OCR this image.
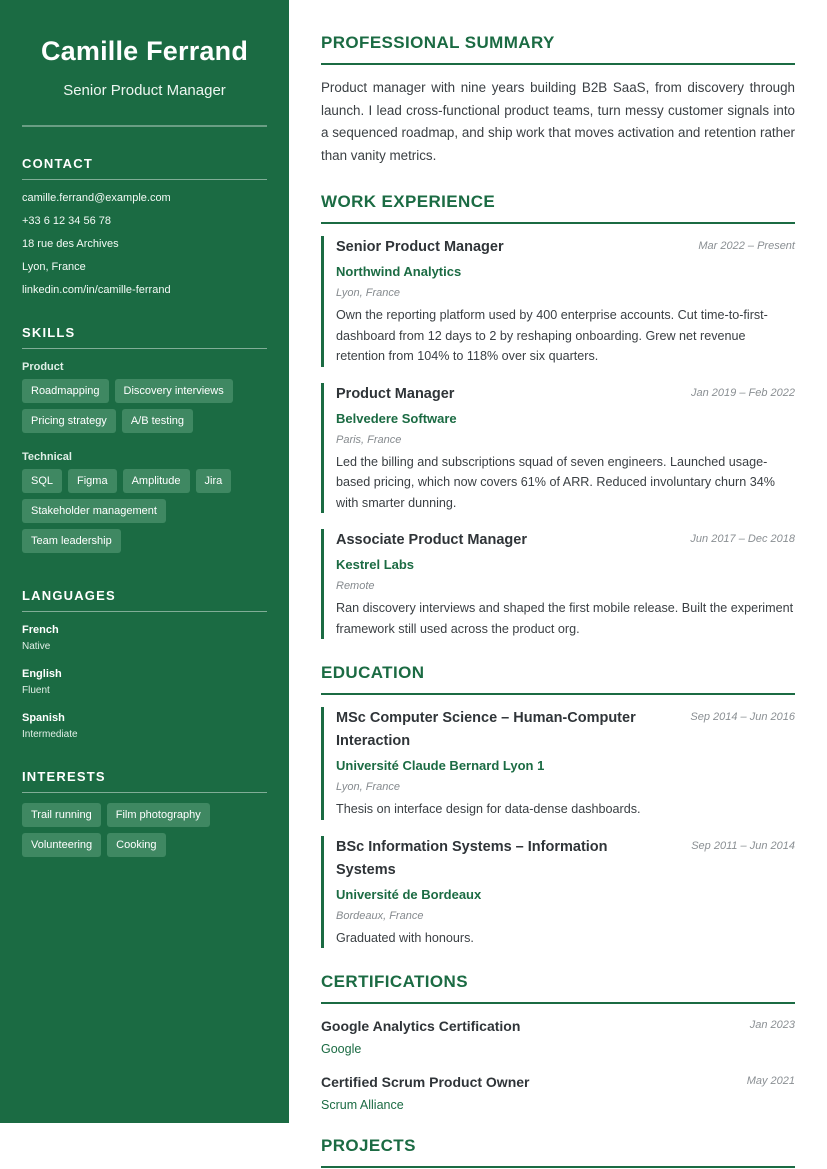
Camille Ferrand
Senior Product Manager
CONTACT
camille.ferrand@example.com
+33 6 12 34 56 78
18 rue des Archives
Lyon, France
linkedin.com/in/camille-ferrand
SKILLS
Product
Roadmapping	Discovery interviews
Pricing strategy	A/B testing
Technical
SQL	Figma	Amplitude	Jira
Stakeholder management
Team leadership
LANGUAGES
French
Native
English
Fluent
Spanish
Intermediate
INTERESTS
Trail running	Film photography
Volunteering	Cooking
PROFESSIONAL SUMMARY

Product manager with nine years building B2B SaaS, from discovery through launch. I lead cross-functional product teams, turn messy customer signals into a sequenced roadmap, and ship work that moves activation and retention rather than vanity metrics.

WORK EXPERIENCE
Senior Product Manager	Mar 2022 – Present
Northwind Analytics
Lyon, France
Own the reporting platform used by 400 enterprise accounts. Cut time-to-first-dashboard from 12 days to 2 by reshaping onboarding. Grew net revenue retention from 104% to 118% over six quarters.
Product Manager	Jan 2019 – Feb 2022
Belvedere Software
Paris, France
Led the billing and subscriptions squad of seven engineers. Launched usage-based pricing, which now covers 61% of ARR. Reduced involuntary churn 34% with smarter dunning.
Associate Product Manager	Jun 2017 – Dec 2018
Kestrel Labs
Remote
Ran discovery interviews and shaped the first mobile release. Built the experiment framework still used across the product org.
EDUCATION
MSc Computer Science – Human-Computer Interaction
Sep 2014 – Jun 2016
Université Claude Bernard Lyon 1
Lyon, France
Thesis on interface design for data-dense dashboards.
BSc Information Systems – Information Systems
Sep 2011 – Jun 2014
Université de Bordeaux
Bordeaux, France
Graduated with honours.
CERTIFICATIONS
Google Analytics Certification	Jan 2023
Google
Certified Scrum Product Owner	May 2021
Scrum Alliance
PROJECTS
